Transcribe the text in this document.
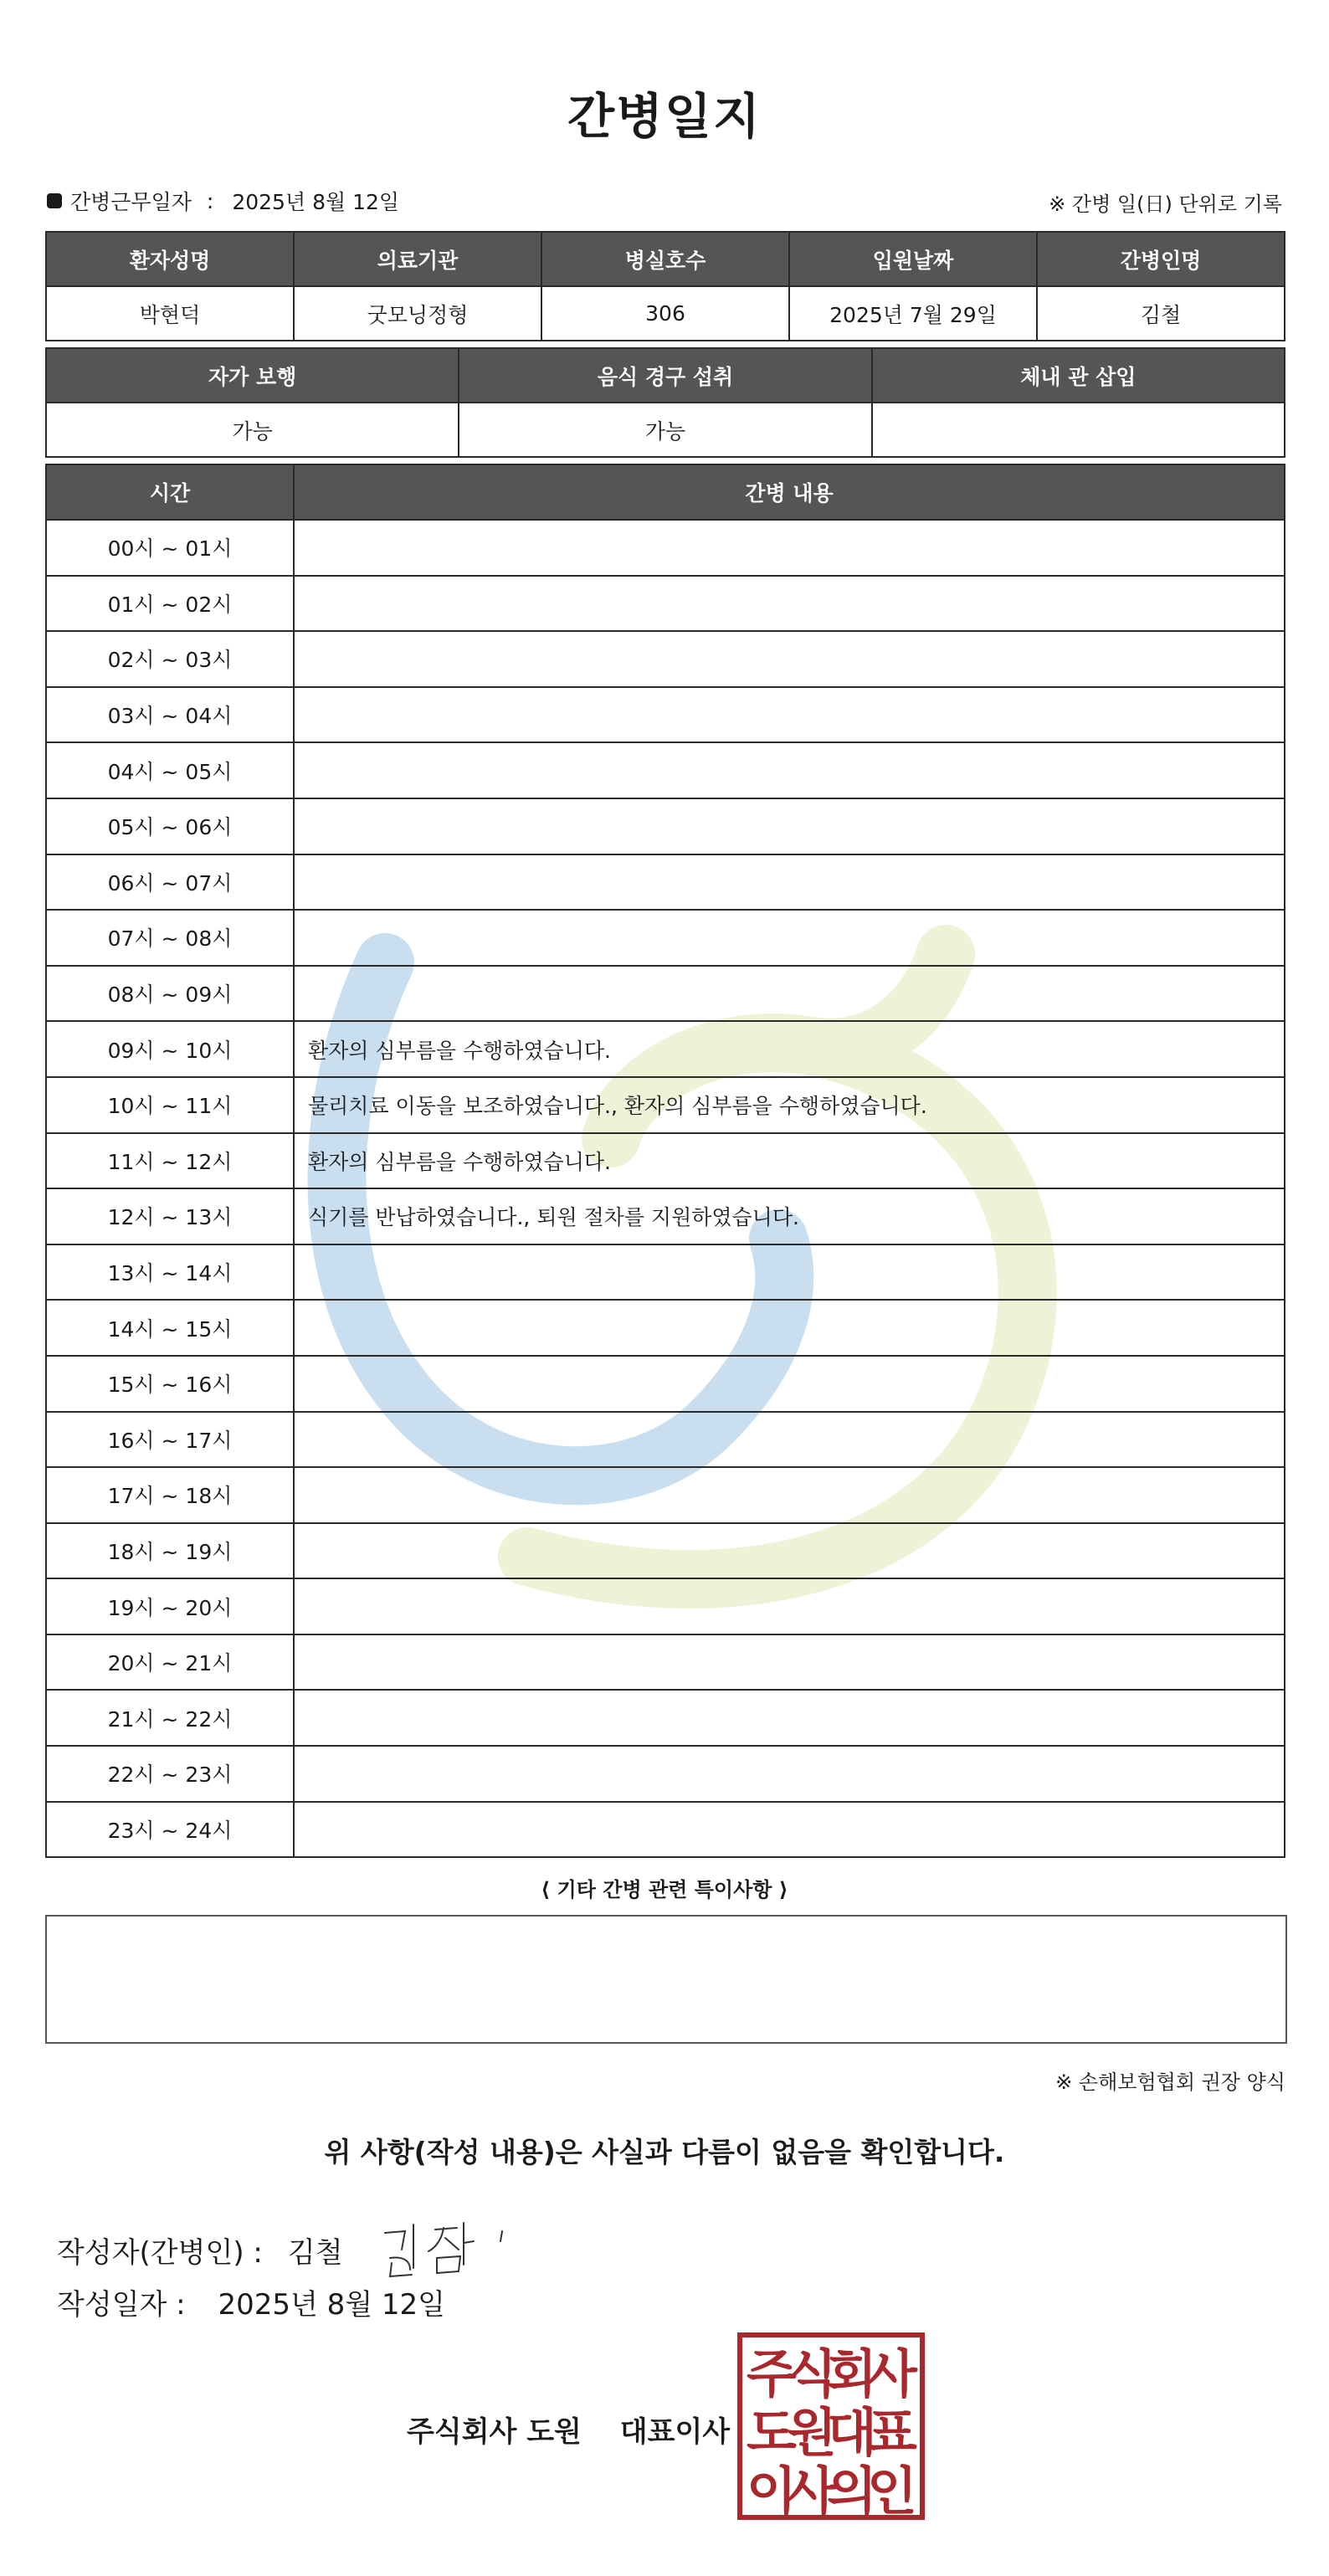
간병일지
간병근무일자 : 2025년 8월 12일	※ 간병 일(日) 단위로 기록
환자성명	의료기관	병실호수	입원날짜	간병인명
박현덕	굿모닝정형	306	2025년 7월 29일	김철
자가 보행	음식 경구 섭취	체내 관 삽입
가능	가능	
시간	간병 내용
00시 ~ 01시	
01시 ~ 02시	
02시 ~ 03시	
03시 ~ 04시	
04시 ~ 05시	
05시 ~ 06시	
06시 ~ 07시	
07시 ~ 08시	
08시 ~ 09시	
09시 ~ 10시	환자의 심부름을 수행하였습니다.
10시 ~ 11시	물리치료 이동을 보조하였습니다., 환자의 심부름을 수행하였습니다.
11시 ~ 12시	환자의 심부름을 수행하였습니다.
12시 ~ 13시	식기를 반납하였습니다., 퇴원 절차를 지원하였습니다.
13시 ~ 14시	
14시 ~ 15시	
15시 ~ 16시	
16시 ~ 17시	
17시 ~ 18시	
18시 ~ 19시	
19시 ~ 20시	
20시 ~ 21시	
21시 ~ 22시	
22시 ~ 23시	
23시 ~ 24시	
⟨ 기타 간병 관련 특이사항 ⟩
※ 손해보험협회 권장 양식
위 사항(작성 내용)은 사실과 다름이 없음을 확인합니다.
작성자(간병인) : 김철
작성일자 : 2025년 8월 12일
주식회사 도원 대표이사
주
식
회
사
도
원
대
표
이
사
의
인
